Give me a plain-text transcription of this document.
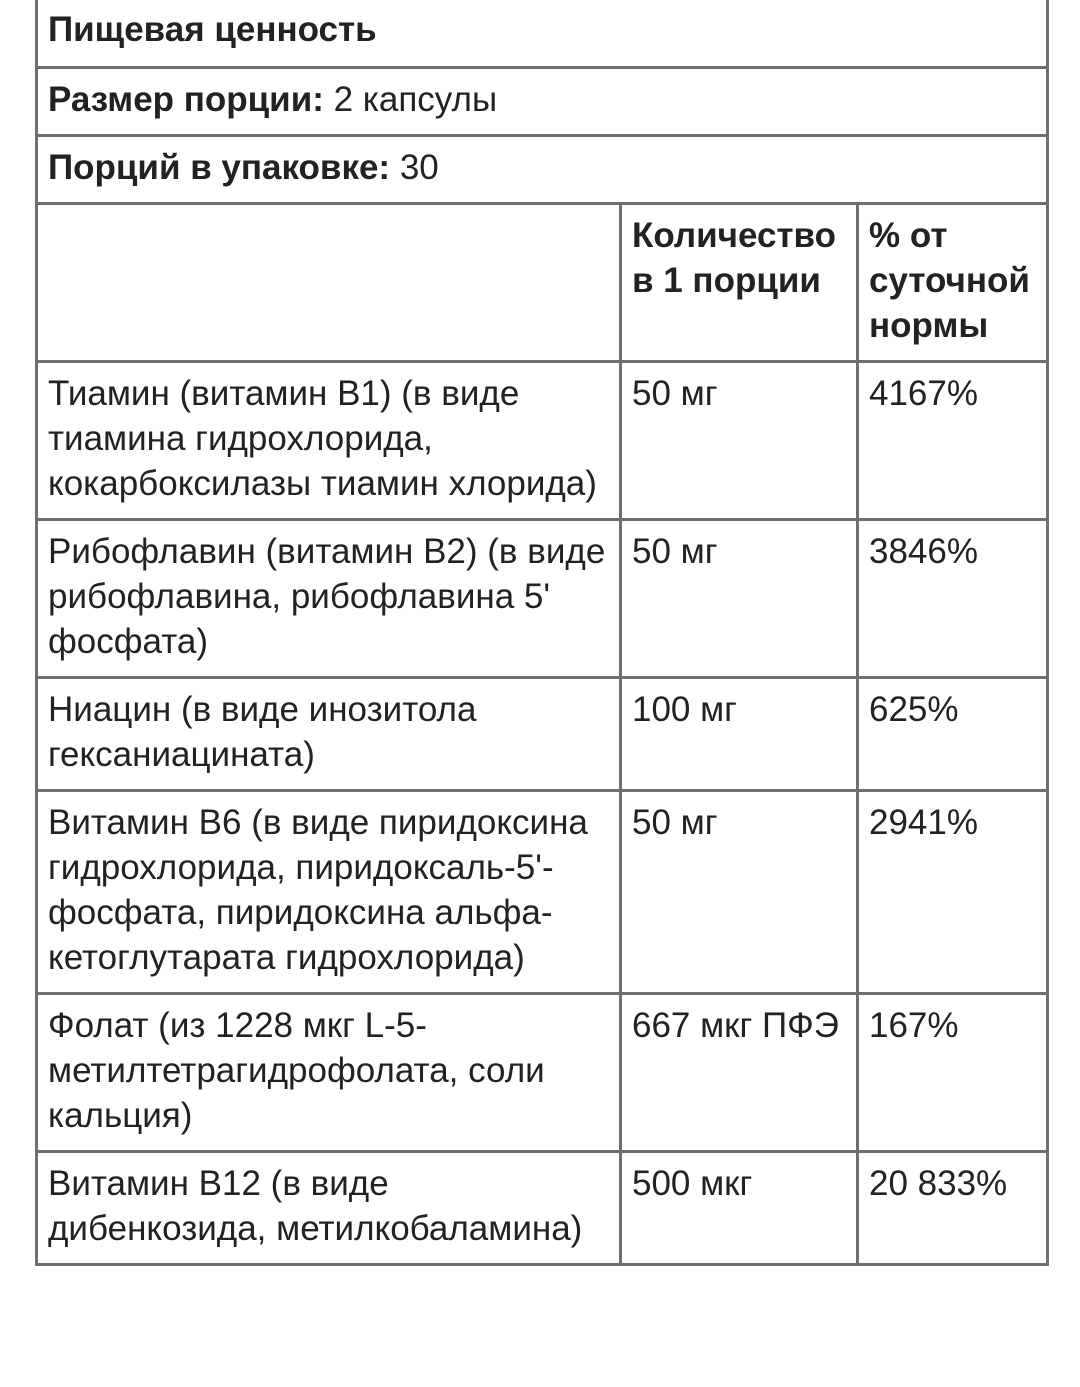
Пищевая ценность		
Размер порции: 2 капсулы		
Порций в упаковке: 30		
	Количество в 1 порции	% от суточной нормы
Тиамин (витамин B1) (в виде тиамина гидрохлорида, кокарбоксилазы тиамин хлорида)	50 мг	4167%
Рибофлавин (витамин B2) (в виде рибофлавина, рибофлавина 5' фосфата)	50 мг	3846%
Ниацин (в виде инозитола гексаниацината)	100 мг	625%
Витамин B6 (в виде пиридоксина гидрохлорида, пиридоксаль-5'-фосфата, пиридоксина альфа-кетоглутарата гидрохлорида)	50 мг	2941%
Фолат (из 1228 мкг L-5-метилтетрагидрофолата, соли кальция)	667 мкг ПФЭ	167%
Витамин B12 (в виде дибенкозида, метилкобаламина)	500 мкг	20 833%
